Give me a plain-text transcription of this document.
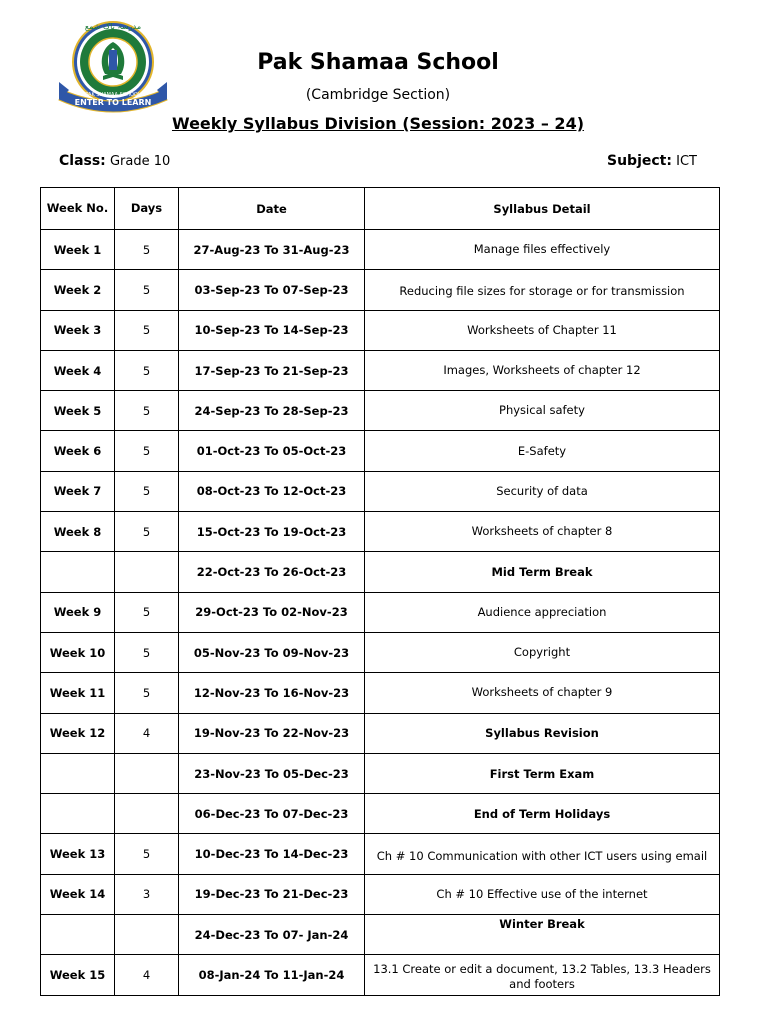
مدرسہ پاک شمع
ENTER TO LEARN
PAK SHAMAA SCHOOL
Pak Shamaa School
(Cambridge Section)
Weekly Syllabus Division (Session: 2023 – 24)
Class: Grade 10	Subject: ICT
Week No.	Days	Date	Syllabus Detail
Week 1	5	27-Aug-23 To 31-Aug-23	Manage files effectively
Week 2	5	03-Sep-23 To 07-Sep-23	Reducing file sizes for storage or for transmission
Week 3	5	10-Sep-23 To 14-Sep-23	Worksheets of Chapter 11
Week 4	5	17-Sep-23 To 21-Sep-23	Images, Worksheets of chapter 12
Week 5	5	24-Sep-23 To 28-Sep-23	Physical safety
Week 6	5	01-Oct-23 To 05-Oct-23	E-Safety
Week 7	5	08-Oct-23 To 12-Oct-23	Security of data
Week 8	5	15-Oct-23 To 19-Oct-23	Worksheets of chapter 8
		22-Oct-23 To 26-Oct-23	Mid Term Break
Week 9	5	29-Oct-23 To 02-Nov-23	Audience appreciation
Week 10	5	05-Nov-23 To 09-Nov-23	Copyright
Week 11	5	12-Nov-23 To 16-Nov-23	Worksheets of chapter 9
Week 12	4	19-Nov-23 To 22-Nov-23	Syllabus Revision
		23-Nov-23 To 05-Dec-23	First Term Exam
		06-Dec-23 To 07-Dec-23	End of Term Holidays
Week 13	5	10-Dec-23 To 14-Dec-23	Ch # 10 Communication with other ICT users using email
Week 14	3	19-Dec-23 To 21-Dec-23	Ch # 10 Effective use of the internet
		24-Dec-23 To 07- Jan-24	Winter Break
Week 15	4	08-Jan-24 To 11-Jan-24	13.1 Create or edit a document, 13.2 Tables, 13.3 Headers and footers
